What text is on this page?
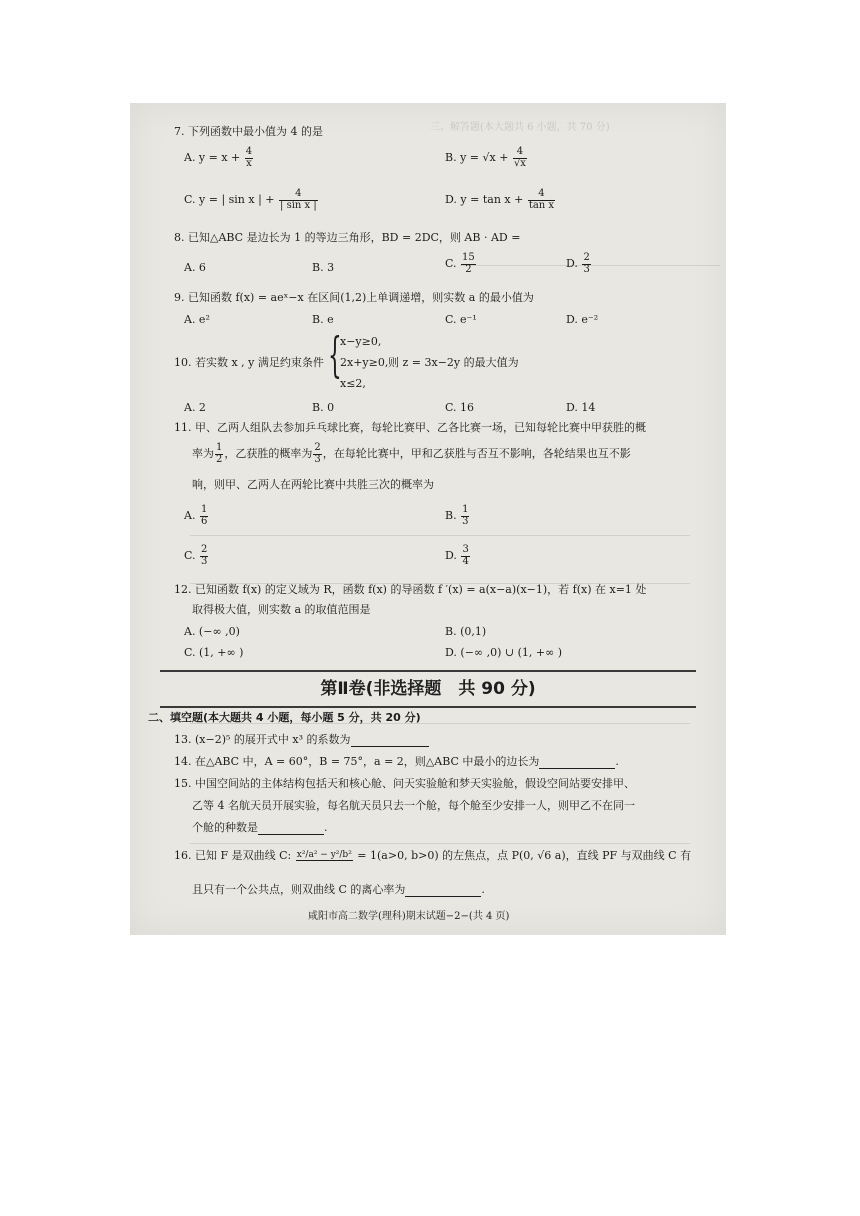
三、解答题(本大题共 6 小题，共 70 分)
7. 下列函数中最小值为 4 的是
A. $y = x + \frac{4}{x}$	B. $y = √x + \frac{4}{√x}$
C. y = | sin x | + $\frac{4}{\text{| sin x |}}$	D. $y = \tan x + \frac{4}{\text{tan x}}$
8. 已知△ABC 是边长为 1 的等边三角形，BD = 2DC，则 AB · AD =
A. 6	B. 3	C. $\frac{15}{2}$	D. $\frac{2}{3}$
9. 已知函数 f(x) = aeˣ−x 在区间(1,2)上单调递增，则实数 a 的最小值为
A. e²	B. e	C. e⁻¹	D. e⁻²
10. 若实数 x , y 满足约束条件 {
x−y≥0,
2x+y≥0,
x≤2,
则 z = 3x−2y 的最大值为
A. 2	B. 0	C. 16	D. 14
11. 甲、乙两人组队去参加乒乓球比赛，每轮比赛甲、乙各比赛一场，已知每轮比赛中甲获胜的概
率为 $\frac{1}{2}$ ，乙获胜的概率为 $\frac{2}{3}$ ，在每轮比赛中，甲和乙获胜与否互不影响，各轮结果也互不影
响，则甲、乙两人在两轮比赛中共胜三次的概率为
A. $\frac{1}{6}$	B. $\frac{1}{3}$
C. $\frac{2}{3}$	D. $\frac{3}{4}$
12. 已知函数 f(x) 的定义域为 R，函数 f(x) 的导函数 f ′(x) = a(x−a)(x−1)，若 f(x) 在 x=1 处
取得极大值，则实数 a 的取值范围是
A. (−∞ ,0)	B. (0,1)
C. (1, +∞ )	D. (−∞ ,0) ∪ (1, +∞ )
第Ⅱ卷(非选择题　共 90 分)
二、填空题(本大题共 4 小题，每小题 5 分，共 20 分)
13. (x−2)⁵ 的展开式中 x³ 的系数为
14. 在△ABC 中，A = 60°，B = 75°，a = 2，则△ABC 中最小的边长为	.
15. 中国空间站的主体结构包括天和核心舱、问天实验舱和梦天实验舱，假设空间站要安排甲、
乙等 4 名航天员开展实验，每名航天员只去一个舱，每个舱至少安排一人，则甲乙不在同一
个舱的种数是	.
16. 已知 F 是双曲线 C: x²/a² − y²/b² = 1(a>0, b>0) 的左焦点，点 P(0, √6 a)，直线 PF 与双曲线 C 有
且只有一个公共点，则双曲线 C 的离心率为	.
咸阳市高二数学(理科)期末试题−2−(共 4 页)
